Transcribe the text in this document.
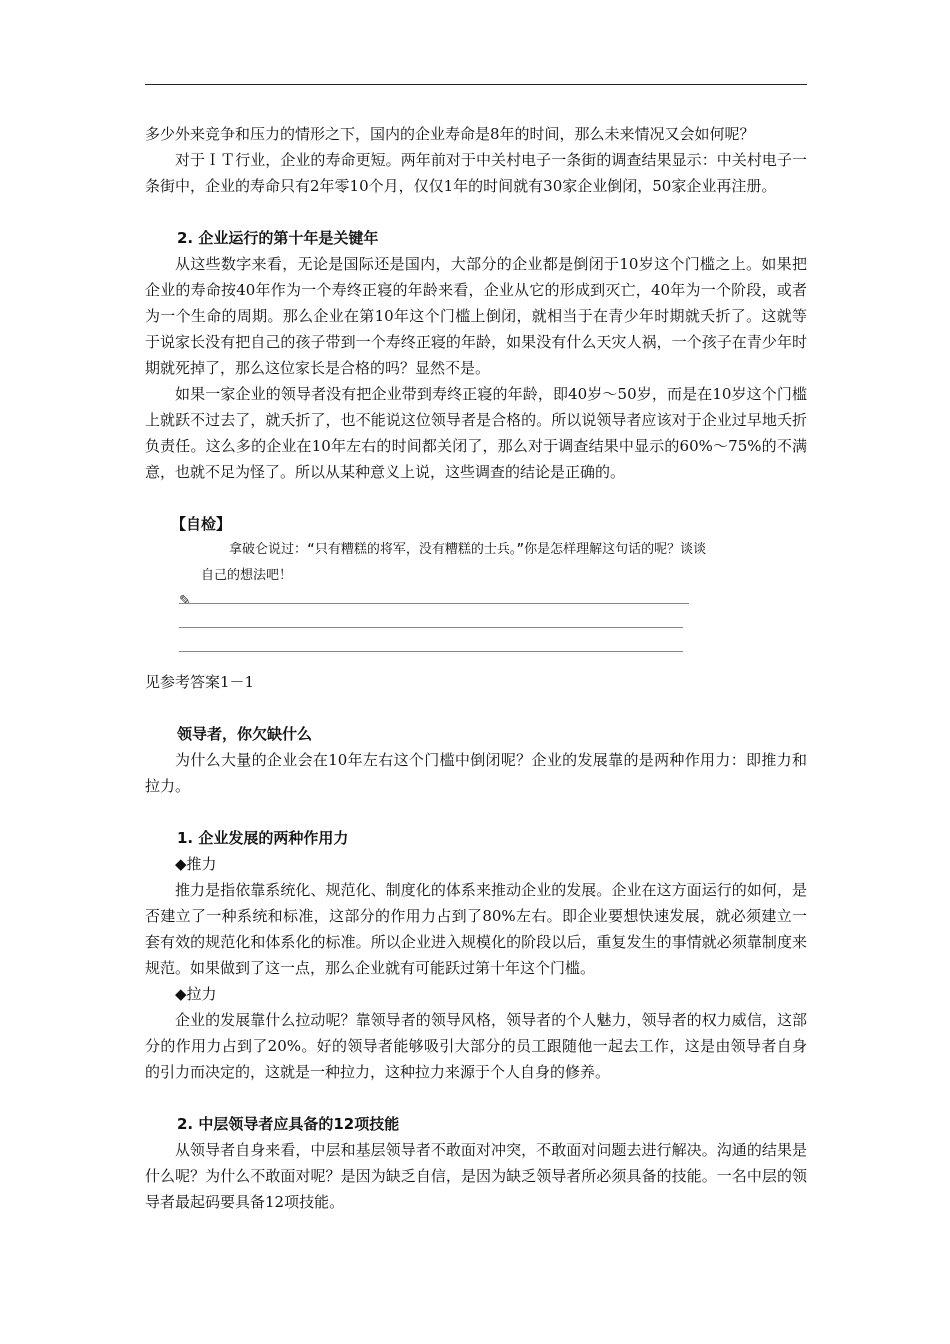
多少外来竞争和压力的情形之下，国内的企业寿命是8年的时间，那么未来情况又会如何呢？

对于ＩＴ行业，企业的寿命更短。两年前对于中关村电子一条街的调查结果显示：中关村电子一条街中，企业的寿命只有2年零10个月，仅仅1年的时间就有30家企业倒闭，50家企业再注册。

2. 企业运行的第十年是关键年

从这些数字来看，无论是国际还是国内，大部分的企业都是倒闭于10岁这个门槛之上。如果把企业的寿命按40年作为一个寿终正寝的年龄来看，企业从它的形成到灭亡，40年为一个阶段，或者为一个生命的周期。那么企业在第10年这个门槛上倒闭，就相当于在青少年时期就夭折了。这就等于说家长没有把自己的孩子带到一个寿终正寝的年龄，如果没有什么天灾人祸，一个孩子在青少年时期就死掉了，那么这位家长是合格的吗？显然不是。

如果一家企业的领导者没有把企业带到寿终正寝的年龄，即40岁～50岁，而是在10岁这个门槛上就跃不过去了，就夭折了，也不能说这位领导者是合格的。所以说领导者应该对于企业过早地夭折负责任。这么多的企业在10年左右的时间都关闭了，那么对于调查结果中显示的60%～75%的不满意，也就不足为怪了。所以从某种意义上说，这些调查的结论是正确的。

【自检】

拿破仑说过：“只有糟糕的将军，没有糟糕的士兵。”你是怎样理解这句话的呢？谈谈

自己的想法吧！

✎

见参考答案1－1

领导者，你欠缺什么

为什么大量的企业会在10年左右这个门槛中倒闭呢？企业的发展靠的是两种作用力：即推力和拉力。

1. 企业发展的两种作用力

◆推力

推力是指依靠系统化、规范化、制度化的体系来推动企业的发展。企业在这方面运行的如何，是否建立了一种系统和标准，这部分的作用力占到了80%左右。即企业要想快速发展，就必须建立一套有效的规范化和体系化的标准。所以企业进入规模化的阶段以后，重复发生的事情就必须靠制度来规范。如果做到了这一点，那么企业就有可能跃过第十年这个门槛。

◆拉力

企业的发展靠什么拉动呢？靠领导者的领导风格，领导者的个人魅力，领导者的权力威信，这部分的作用力占到了20%。好的领导者能够吸引大部分的员工跟随他一起去工作，这是由领导者自身的引力而决定的，这就是一种拉力，这种拉力来源于个人自身的修养。

2. 中层领导者应具备的12项技能

从领导者自身来看，中层和基层领导者不敢面对冲突，不敢面对问题去进行解决。沟通的结果是什么呢？为什么不敢面对呢？是因为缺乏自信，是因为缺乏领导者所必须具备的技能。一名中层的领导者最起码要具备12项技能。
